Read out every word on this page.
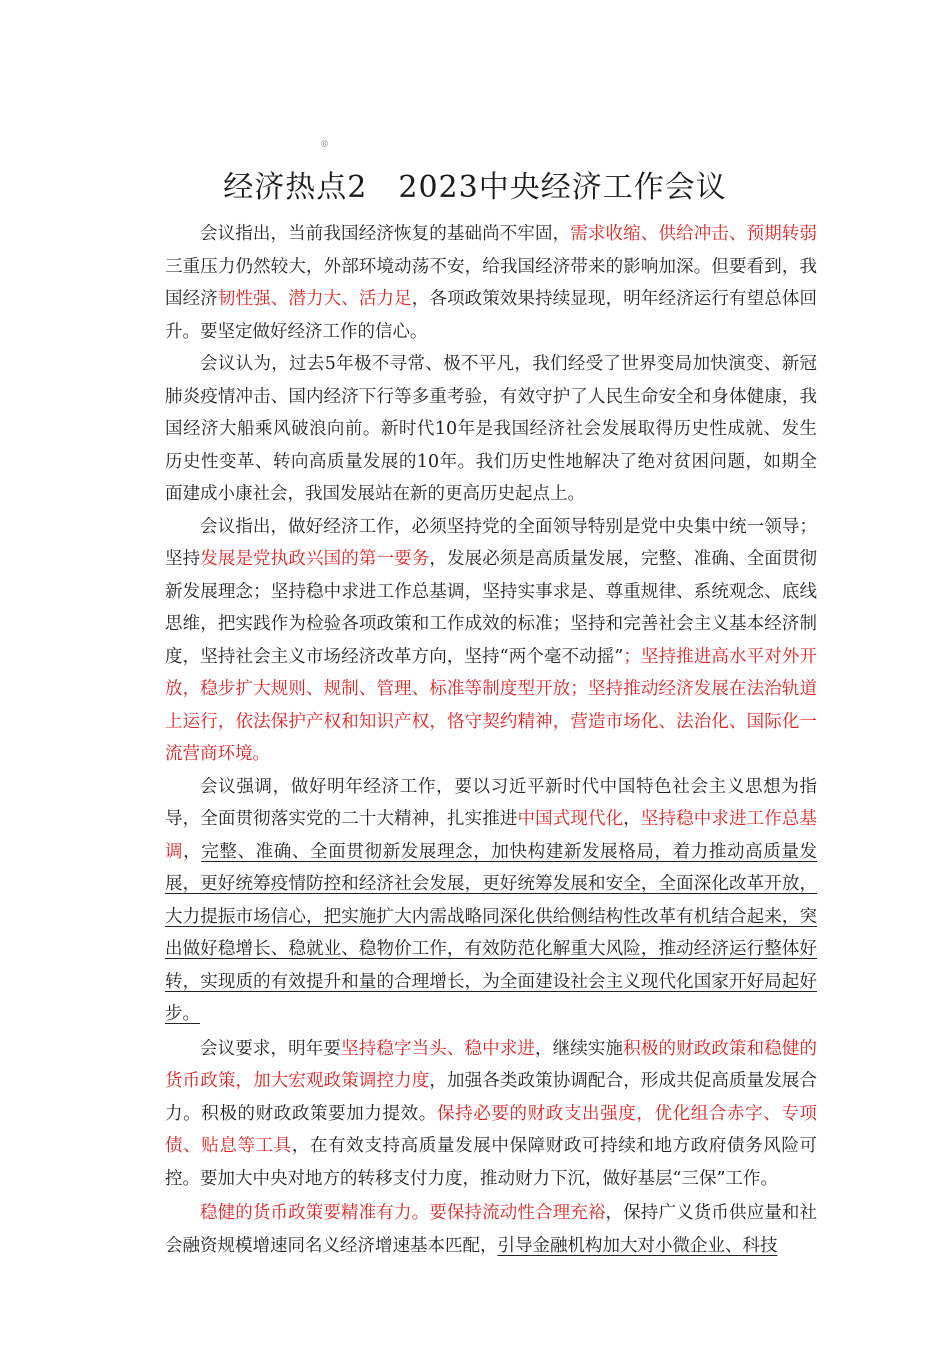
®
经济热点2　2023中央经济工作会议

会议指出，当前我国经济恢复的基础尚不牢固，需求收缩、供给冲击、预期转弱三重压力仍然较大，外部环境动荡不安，给我国经济带来的影响加深。但要看到，我国经济韧性强、潜力大、活力足，各项政策效果持续显现，明年经济运行有望总体回升。要坚定做好经济工作的信心。

会议认为，过去5年极不寻常、极不平凡，我们经受了世界变局加快演变、新冠肺炎疫情冲击、国内经济下行等多重考验，有效守护了人民生命安全和身体健康，我国经济大船乘风破浪向前。新时代10年是我国经济社会发展取得历史性成就、发生历史性变革、转向高质量发展的10年。我们历史性地解决了绝对贫困问题，如期全面建成小康社会，我国发展站在新的更高历史起点上。

会议指出，做好经济工作，必须坚持党的全面领导特别是党中央集中统一领导；坚持发展是党执政兴国的第一要务，发展必须是高质量发展，完整、准确、全面贯彻新发展理念；坚持稳中求进工作总基调，坚持实事求是、尊重规律、系统观念、底线思维，把实践作为检验各项政策和工作成效的标准；坚持和完善社会主义基本经济制度，坚持社会主义市场经济改革方向，坚持“两个毫不动摇”；坚持推进高水平对外开放，稳步扩大规则、规制、管理、标准等制度型开放；坚持推动经济发展在法治轨道上运行，依法保护产权和知识产权，恪守契约精神，营造市场化、法治化、国际化一流营商环境。

会议强调，做好明年经济工作，要以习近平新时代中国特色社会主义思想为指导，全面贯彻落实党的二十大精神，扎实推进中国式现代化，坚持稳中求进工作总基调，完整、准确、全面贯彻新发展理念，加快构建新发展格局，着力推动高质量发展，更好统筹疫情防控和经济社会发展，更好统筹发展和安全，全面深化改革开放，大力提振市场信心，把实施扩大内需战略同深化供给侧结构性改革有机结合起来，突出做好稳增长、稳就业、稳物价工作，有效防范化解重大风险，推动经济运行整体好转，实现质的有效提升和量的合理增长，为全面建设社会主义现代化国家开好局起好步。

会议要求，明年要坚持稳字当头、稳中求进，继续实施积极的财政政策和稳健的货币政策，加大宏观政策调控力度，加强各类政策协调配合，形成共促高质量发展合力。积极的财政政策要加力提效。保持必要的财政支出强度，优化组合赤字、专项债、贴息等工具，在有效支持高质量发展中保障财政可持续和地方政府债务风险可控。要加大中央对地方的转移支付力度，推动财力下沉，做好基层“三保”工作。

稳健的货币政策要精准有力。要保持流动性合理充裕，保持广义货币供应量和社会融资规模增速同名义经济增速基本匹配，引导金融机构加大对小微企业、科技
